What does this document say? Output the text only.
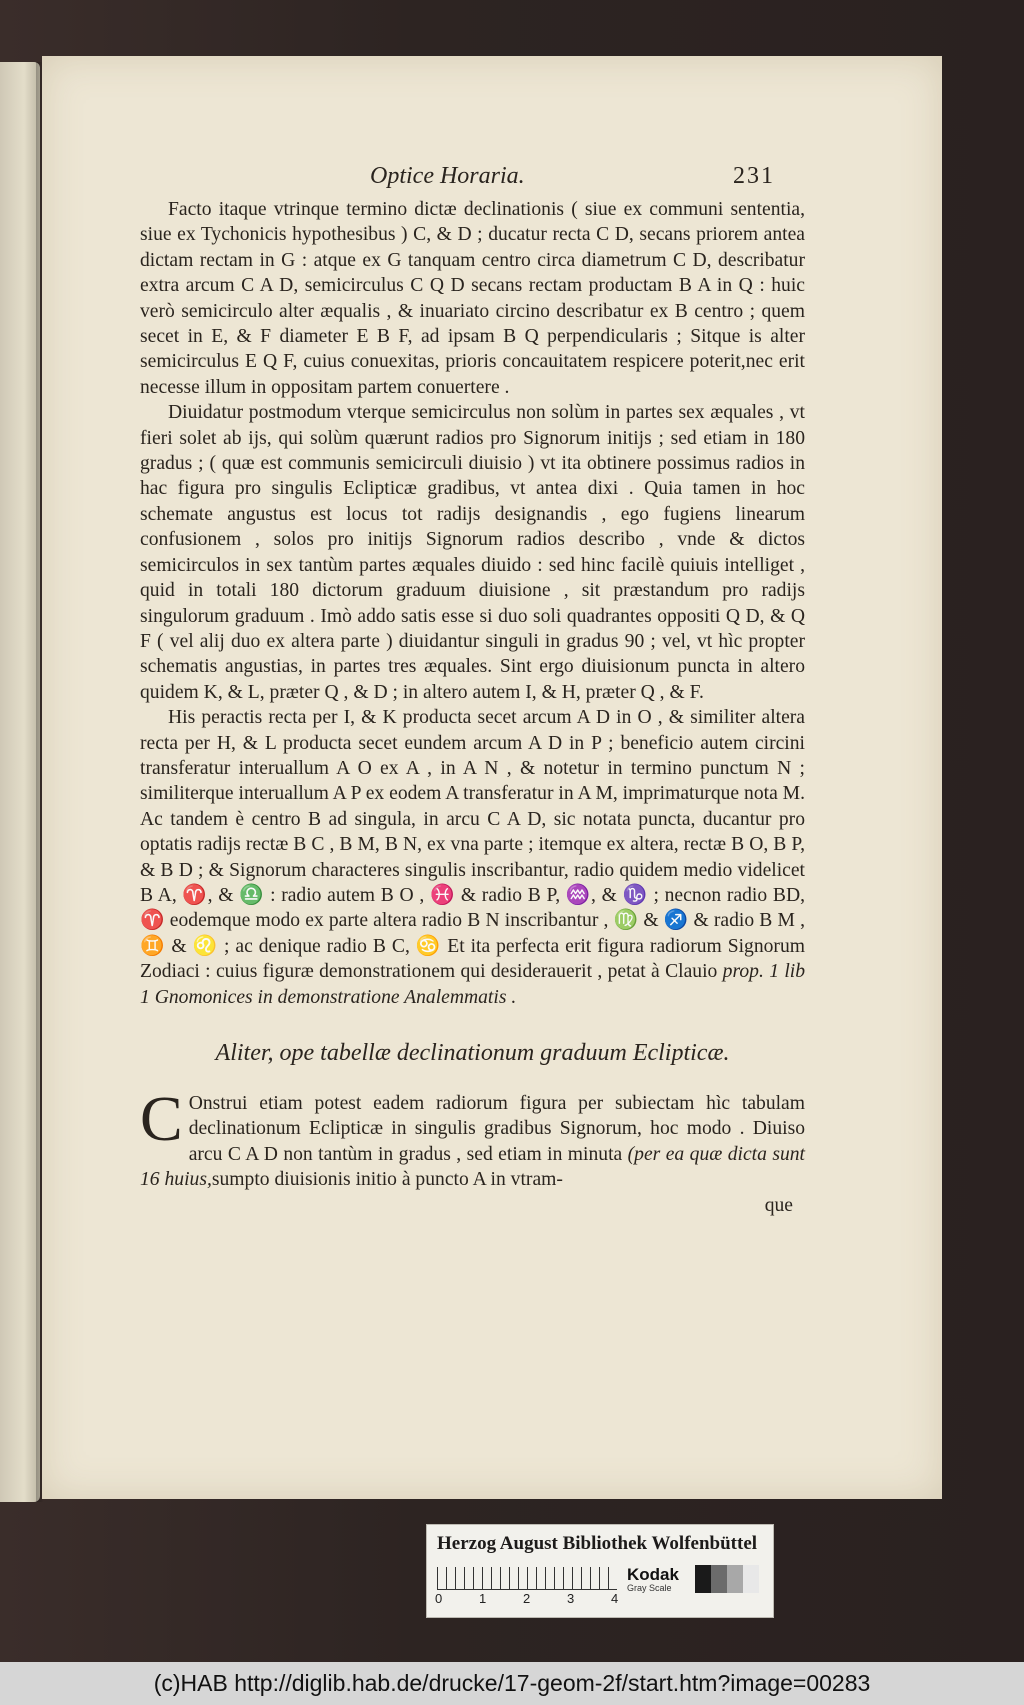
Optice Horaria.	231

Facto itaque vtrinque termino dictæ declinationis ( siue ex communi sententia, siue ex Tychonicis hypothesibus ) C, & D ; ducatur recta C D, secans priorem antea dictam rectam in G : atque ex G tanquam centro circa diametrum C D, describatur extra arcum C A D, semicirculus C Q D secans rectam productam B A in Q : huic verò semicirculo alter æqualis , & inuariato circino describatur ex B centro ; quem secet in E, & F diameter E B F, ad ipsam B Q perpendicularis ; Sitque is alter semicirculus E Q F, cuius conuexitas, prioris concauitatem respicere poterit,nec erit necesse illum in oppositam partem conuertere .

Diuidatur postmodum vterque semicirculus non solùm in partes sex æquales , vt fieri solet ab ijs, qui solùm quærunt radios pro Signorum initijs ; sed etiam in 180 gradus ; ( quæ est communis semicirculi diuisio ) vt ita obtinere possimus radios in hac figura pro singulis Eclipticæ gradibus, vt antea dixi . Quia tamen in hoc schemate angustus est locus tot radijs designandis , ego fugiens linearum confusionem , solos pro initijs Signorum radios describo , vnde & dictos semicirculos in sex tantùm partes æquales diuido : sed hinc facilè quiuis intelliget , quid in totali 180 dictorum graduum diuisione , sit præstandum pro radijs singulorum graduum . Imò addo satis esse si duo soli quadrantes oppositi Q D, & Q F ( vel alij duo ex altera parte ) diuidantur singuli in gradus 90 ; vel, vt hìc propter schematis angustias, in partes tres æquales. Sint ergo diuisionum puncta in altero quidem K, & L, præter Q , & D ; in altero autem I, & H, præter Q , & F.

His peractis recta per I, & K producta secet arcum A D in O , & similiter altera recta per H, & L producta secet eundem arcum A D in P ; beneficio autem circini transferatur interuallum A O ex A , in A N , & notetur in termino punctum N ; similiterque interuallum A P ex eodem A transferatur in A M, imprimaturque nota M. Ac tandem è centro B ad singula, in arcu C A D, sic notata puncta, ducantur pro optatis radijs rectæ B C , B M, B N, ex vna parte ; itemque ex altera, rectæ B O, B P, & B D ; & Signorum characteres singulis inscribantur, radio quidem medio videlicet B A, ♈, & ♎ : radio autem B O , ♓ & radio B P, ♒, & ♑ ; necnon radio BD, ♈ eodemque modo ex parte altera radio B N inscribantur , ♍ & ♐ & radio B M , ♊ & ♌ ; ac denique radio B C, ♋ Et ita perfecta erit figura radiorum Signorum Zodiaci : cuius figuræ demonstrationem qui desiderauerit , petat à Clauio prop. 1 lib 1 Gnomonices in demonstratione Analemmatis .

Aliter, ope tabellæ declinationum graduum Eclipticæ.
C Onstrui etiam potest eadem radiorum figura per subiectam hìc tabulam declinationum Eclipticæ in singulis gradibus Signorum, hoc modo . Diuiso arcu C A D non tantùm in gradus , sed etiam in minuta (per ea quæ dicta sunt 16 huius,sumpto diuisionis initio à puncto A in vtram-
que
Herzog August Bibliothek Wolfenbüttel
0	1	2	3	4
Kodak
Gray Scale
(c)HAB http://diglib.hab.de/drucke/17-geom-2f/start.htm?image=00283
